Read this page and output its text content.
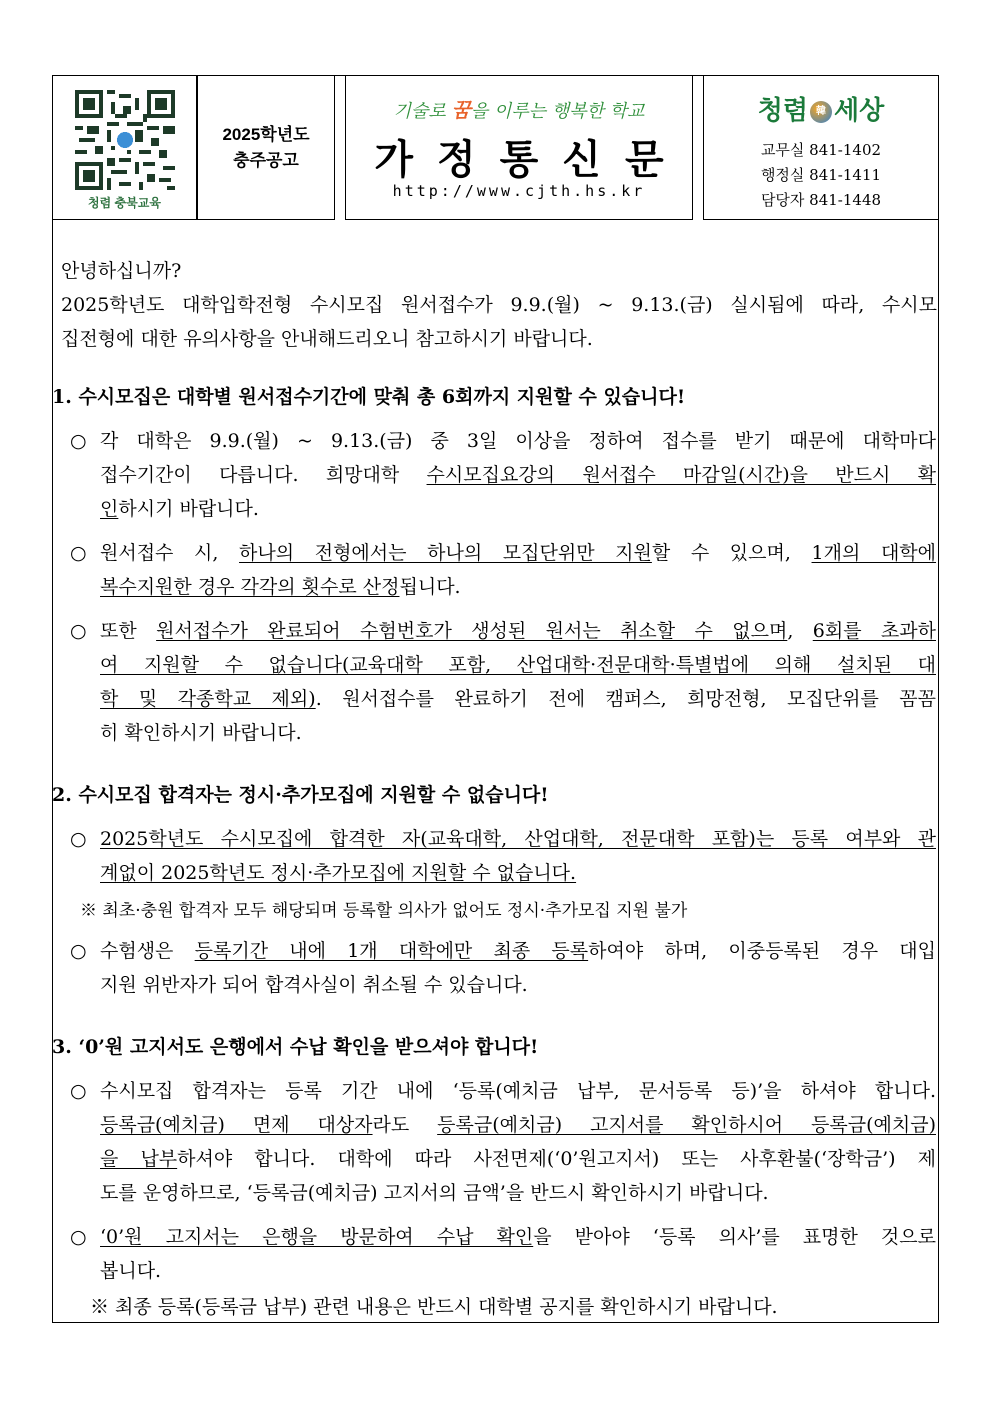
청렴 충북교육
2025학년도
충주공고
기술로 꿈을 이루는 행복한 학교
가정통신문
http://www.cjth.hs.kr
청렴 韓 세상
교무실 841-1402
행정실 841-1411
담당자 841-1448
안녕하십니까?
2025학년도 대학입학전형 수시모집 원서접수가 9.9.(월) ~ 9.13.(금) 실시됨에 따라, 수시모
집전형에 대한 유의사항을 안내해드리오니 참고하시기 바랍니다.
1. 수시모집은 대학별 원서접수기간에 맞춰 총 6회까지 지원할 수 있습니다!
○ 각 대학은 9.9.(월) ~ 9.13.(금) 중 3일 이상을 정하여 접수를 받기 때문에 대학마다
접수기간이 다릅니다. 희망대학 수시모집요강의 원서접수 마감일(시간)을 반드시 확
인하시기 바랍니다.
○ 원서접수 시, 하나의 전형에서는 하나의 모집단위만 지원할 수 있으며, 1개의 대학에
복수지원한 경우 각각의 횟수로 산정됩니다.
○ 또한 원서접수가 완료되어 수험번호가 생성된 원서는 취소할 수 없으며, 6회를 초과하
여 지원할 수 없습니다(교육대학 포함, 산업대학·전문대학·특별법에 의해 설치된 대
학 및 각종학교 제외). 원서접수를 완료하기 전에 캠퍼스, 희망전형, 모집단위를 꼼꼼
히 확인하시기 바랍니다.
2. 수시모집 합격자는 정시·추가모집에 지원할 수 없습니다!
○ 2025학년도 수시모집에 합격한 자(교육대학, 산업대학, 전문대학 포함)는 등록 여부와 관
계없이 2025학년도 정시·추가모집에 지원할 수 없습니다.
※ 최초·충원 합격자 모두 해당되며 등록할 의사가 없어도 정시·추가모집 지원 불가
○ 수험생은 등록기간 내에 1개 대학에만 최종 등록하여야 하며, 이중등록된 경우 대입
지원 위반자가 되어 합격사실이 취소될 수 있습니다.
3. ‘0’원 고지서도 은행에서 수납 확인을 받으셔야 합니다!
○ 수시모집 합격자는 등록 기간 내에 ‘등록(예치금 납부, 문서등록 등)’을 하셔야 합니다.
등록금(예치금) 면제 대상자라도 등록금(예치금) 고지서를 확인하시어 등록금(예치금)
을 납부하셔야 합니다. 대학에 따라 사전면제(‘0’원고지서) 또는 사후환불(‘장학금’) 제
도를 운영하므로, ‘등록금(예치금) 고지서의 금액’을 반드시 확인하시기 바랍니다.
○ ‘0’원 고지서는 은행을 방문하여 수납 확인을 받아야 ‘등록 의사’를 표명한 것으로
봅니다.
※ 최종 등록(등록금 납부) 관련 내용은 반드시 대학별 공지를 확인하시기 바랍니다.
